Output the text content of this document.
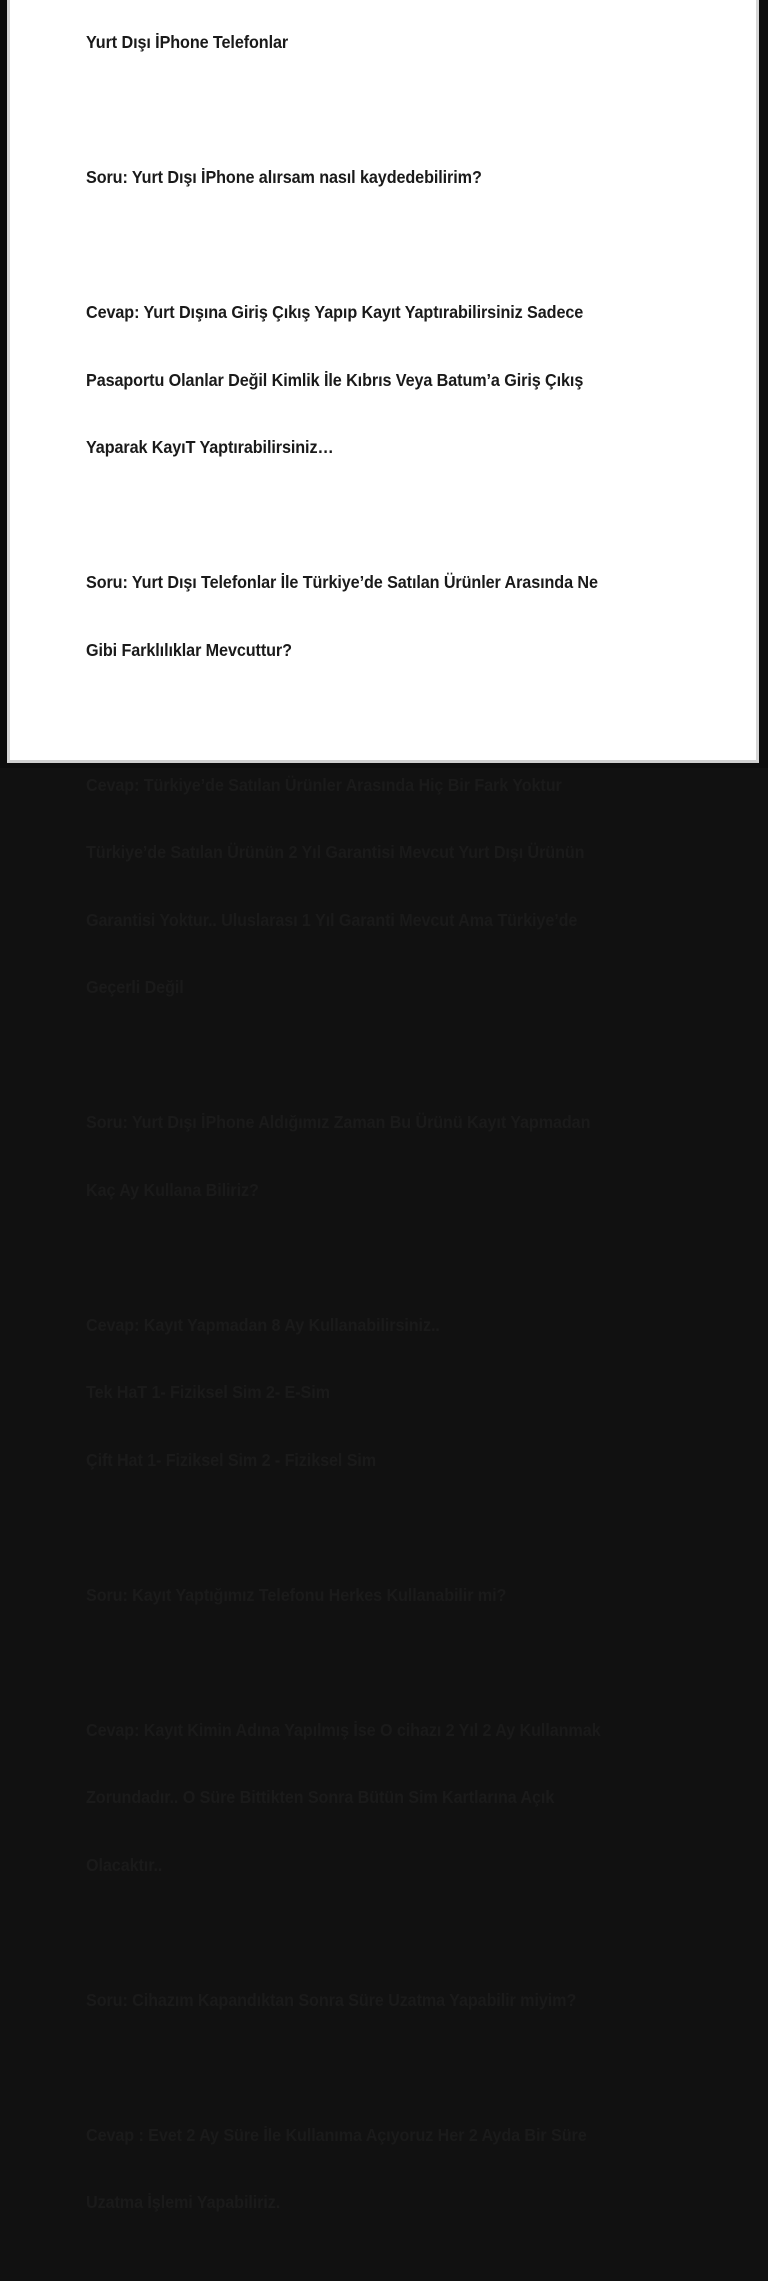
Yurt Dışı İPhone Telefonlar

Soru: Yurt Dışı İPhone alırsam nasıl kaydedebilirim?

Cevap: Yurt Dışına Giriş Çıkış Yapıp Kayıt Yaptırabilirsiniz Sadece

Pasaportu Olanlar Değil Kimlik İle Kıbrıs Veya Batum’a Giriş Çıkış

Yaparak KayıT Yaptırabilirsiniz…

Soru: Yurt Dışı Telefonlar İle Türkiye’de Satılan Ürünler Arasında Ne

Gibi Farklılıklar Mevcuttur?

Cevap: Türkiye’de Satılan Ürünler Arasında Hiç Bir Fark Yoktur

Türkiye’de Satılan Ürünün 2 Yıl Garantisi Mevcut Yurt Dışı Ürünün

Garantisi Yoktur.. Uluslarası 1 Yıl Garanti Mevcut Ama Türkiye’de

Geçerli Değil

Soru: Yurt Dışı İPhone Aldığımız Zaman Bu Ürünü Kayıt Yapmadan

Kaç Ay Kullana Biliriz?

Cevap: Kayıt Yapmadan 8 Ay Kullanabilirsiniz..

Tek HaT 1- Fiziksel Sim 2- E-Sim

Çift Hat 1- Fiziksel Sim 2 - Fiziksel Sim

Soru: Kayıt Yaptığımız Telefonu Herkes Kullanabilir mi?

Cevap: Kayıt Kimin Adına Yapılmış İse O cihazı 2 Yıl 2 Ay Kullanmak

Zorundadır.. O Süre Bittikten Sonra Bütün Sim Kartlarına Açık

Olacaktır..

Soru: Cihazım Kapandıktan Sonra Süre Uzatma Yapabilir miyim?

Cevap : Evet 2 Ay Süre İle Kullanıma Açıyoruz Her 2 Ayda Bir Süre

Uzatma İşlemi Yapabiliriz.
